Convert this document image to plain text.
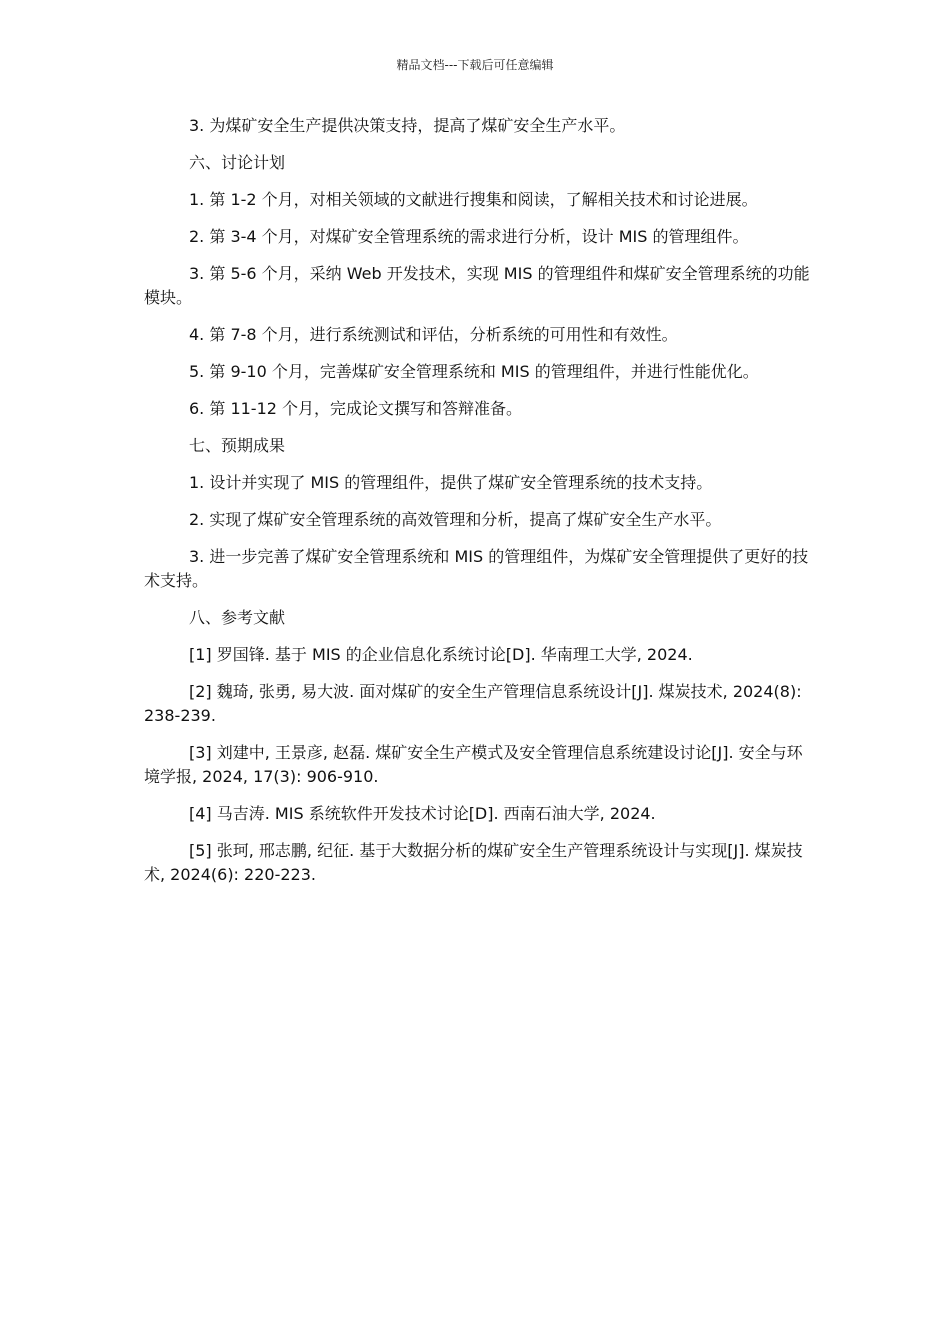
精品文档---下载后可任意编辑

3. 为煤矿安全生产提供决策支持，提高了煤矿安全生产水平。

六、讨论计划

1. 第 1-2 个月，对相关领域的文献进行搜集和阅读，了解相关技术和讨论进展。

2. 第 3-4 个月，对煤矿安全管理系统的需求进行分析，设计 MIS 的管理组件。

3. 第 5-6 个月，采纳 Web 开发技术，实现 MIS 的管理组件和煤矿安全管理系统的功能模块。

4. 第 7-8 个月，进行系统测试和评估，分析系统的可用性和有效性。

5. 第 9-10 个月，完善煤矿安全管理系统和 MIS 的管理组件，并进行性能优化。

6. 第 11-12 个月，完成论文撰写和答辩准备。

七、预期成果

1. 设计并实现了 MIS 的管理组件，提供了煤矿安全管理系统的技术支持。

2. 实现了煤矿安全管理系统的高效管理和分析，提高了煤矿安全生产水平。

3. 进一步完善了煤矿安全管理系统和 MIS 的管理组件，为煤矿安全管理提供了更好的技术支持。

八、参考文献

[1] 罗国锋. 基于 MIS 的企业信息化系统讨论[D]. 华南理工大学, 2024.

[2] 魏琦, 张勇, 易大波. 面对煤矿的安全生产管理信息系统设计[J]. 煤炭技术, 2024(8): 238-239.

[3] 刘建中, 王景彦, 赵磊. 煤矿安全生产模式及安全管理信息系统建设讨论[J]. 安全与环境学报, 2024, 17(3): 906-910.

[4] 马吉涛. MIS 系统软件开发技术讨论[D]. 西南石油大学, 2024.

[5] 张珂, 邢志鹏, 纪征. 基于大数据分析的煤矿安全生产管理系统设计与实现[J]. 煤炭技术, 2024(6): 220-223.
